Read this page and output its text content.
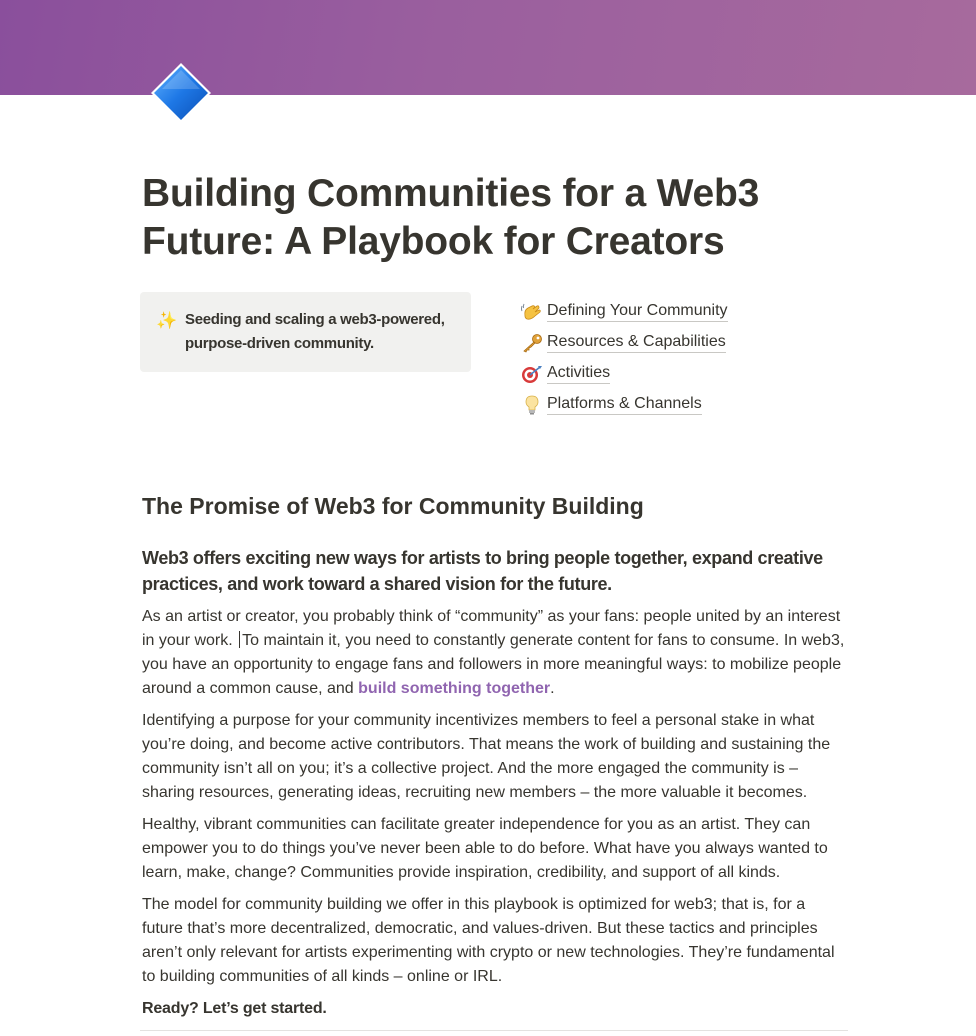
Building Communities for a Web3 Future: A Playbook for Creators
✨ Seeding and scaling a web3-powered, purpose-driven community.
Defining Your Community
Resources & Capabilities
Activities
Platforms & Channels
The Promise of Web3 for Community Building
Web3 offers exciting new ways for artists to bring people together, expand creative practices, and work toward a shared vision for the future.

As an artist or creator, you probably think of “community” as your fans: people united by an interest in your work. To maintain it, you need to constantly generate content for fans to consume. In web3, you have an opportunity to engage fans and followers in more meaningful ways: to mobilize people around a common cause, and build something together.

Identifying a purpose for your community incentivizes members to feel a personal stake in what you’re doing, and become active contributors. That means the work of building and sustaining the community isn’t all on you; it’s a collective project. And the more engaged the community is – sharing resources, generating ideas, recruiting new members – the more valuable it becomes.

Healthy, vibrant communities can facilitate greater independence for you as an artist. They can empower you to do things you’ve never been able to do before. What have you always wanted to learn, make, change? Communities provide inspiration, credibility, and support of all kinds.

The model for community building we offer in this playbook is optimized for web3; that is, for a future that’s more decentralized, democratic, and values-driven. But these tactics and principles aren’t only relevant for artists experimenting with crypto or new technologies. They’re fundamental to building communities of all kinds – online or IRL.

Ready? Let’s get started.
